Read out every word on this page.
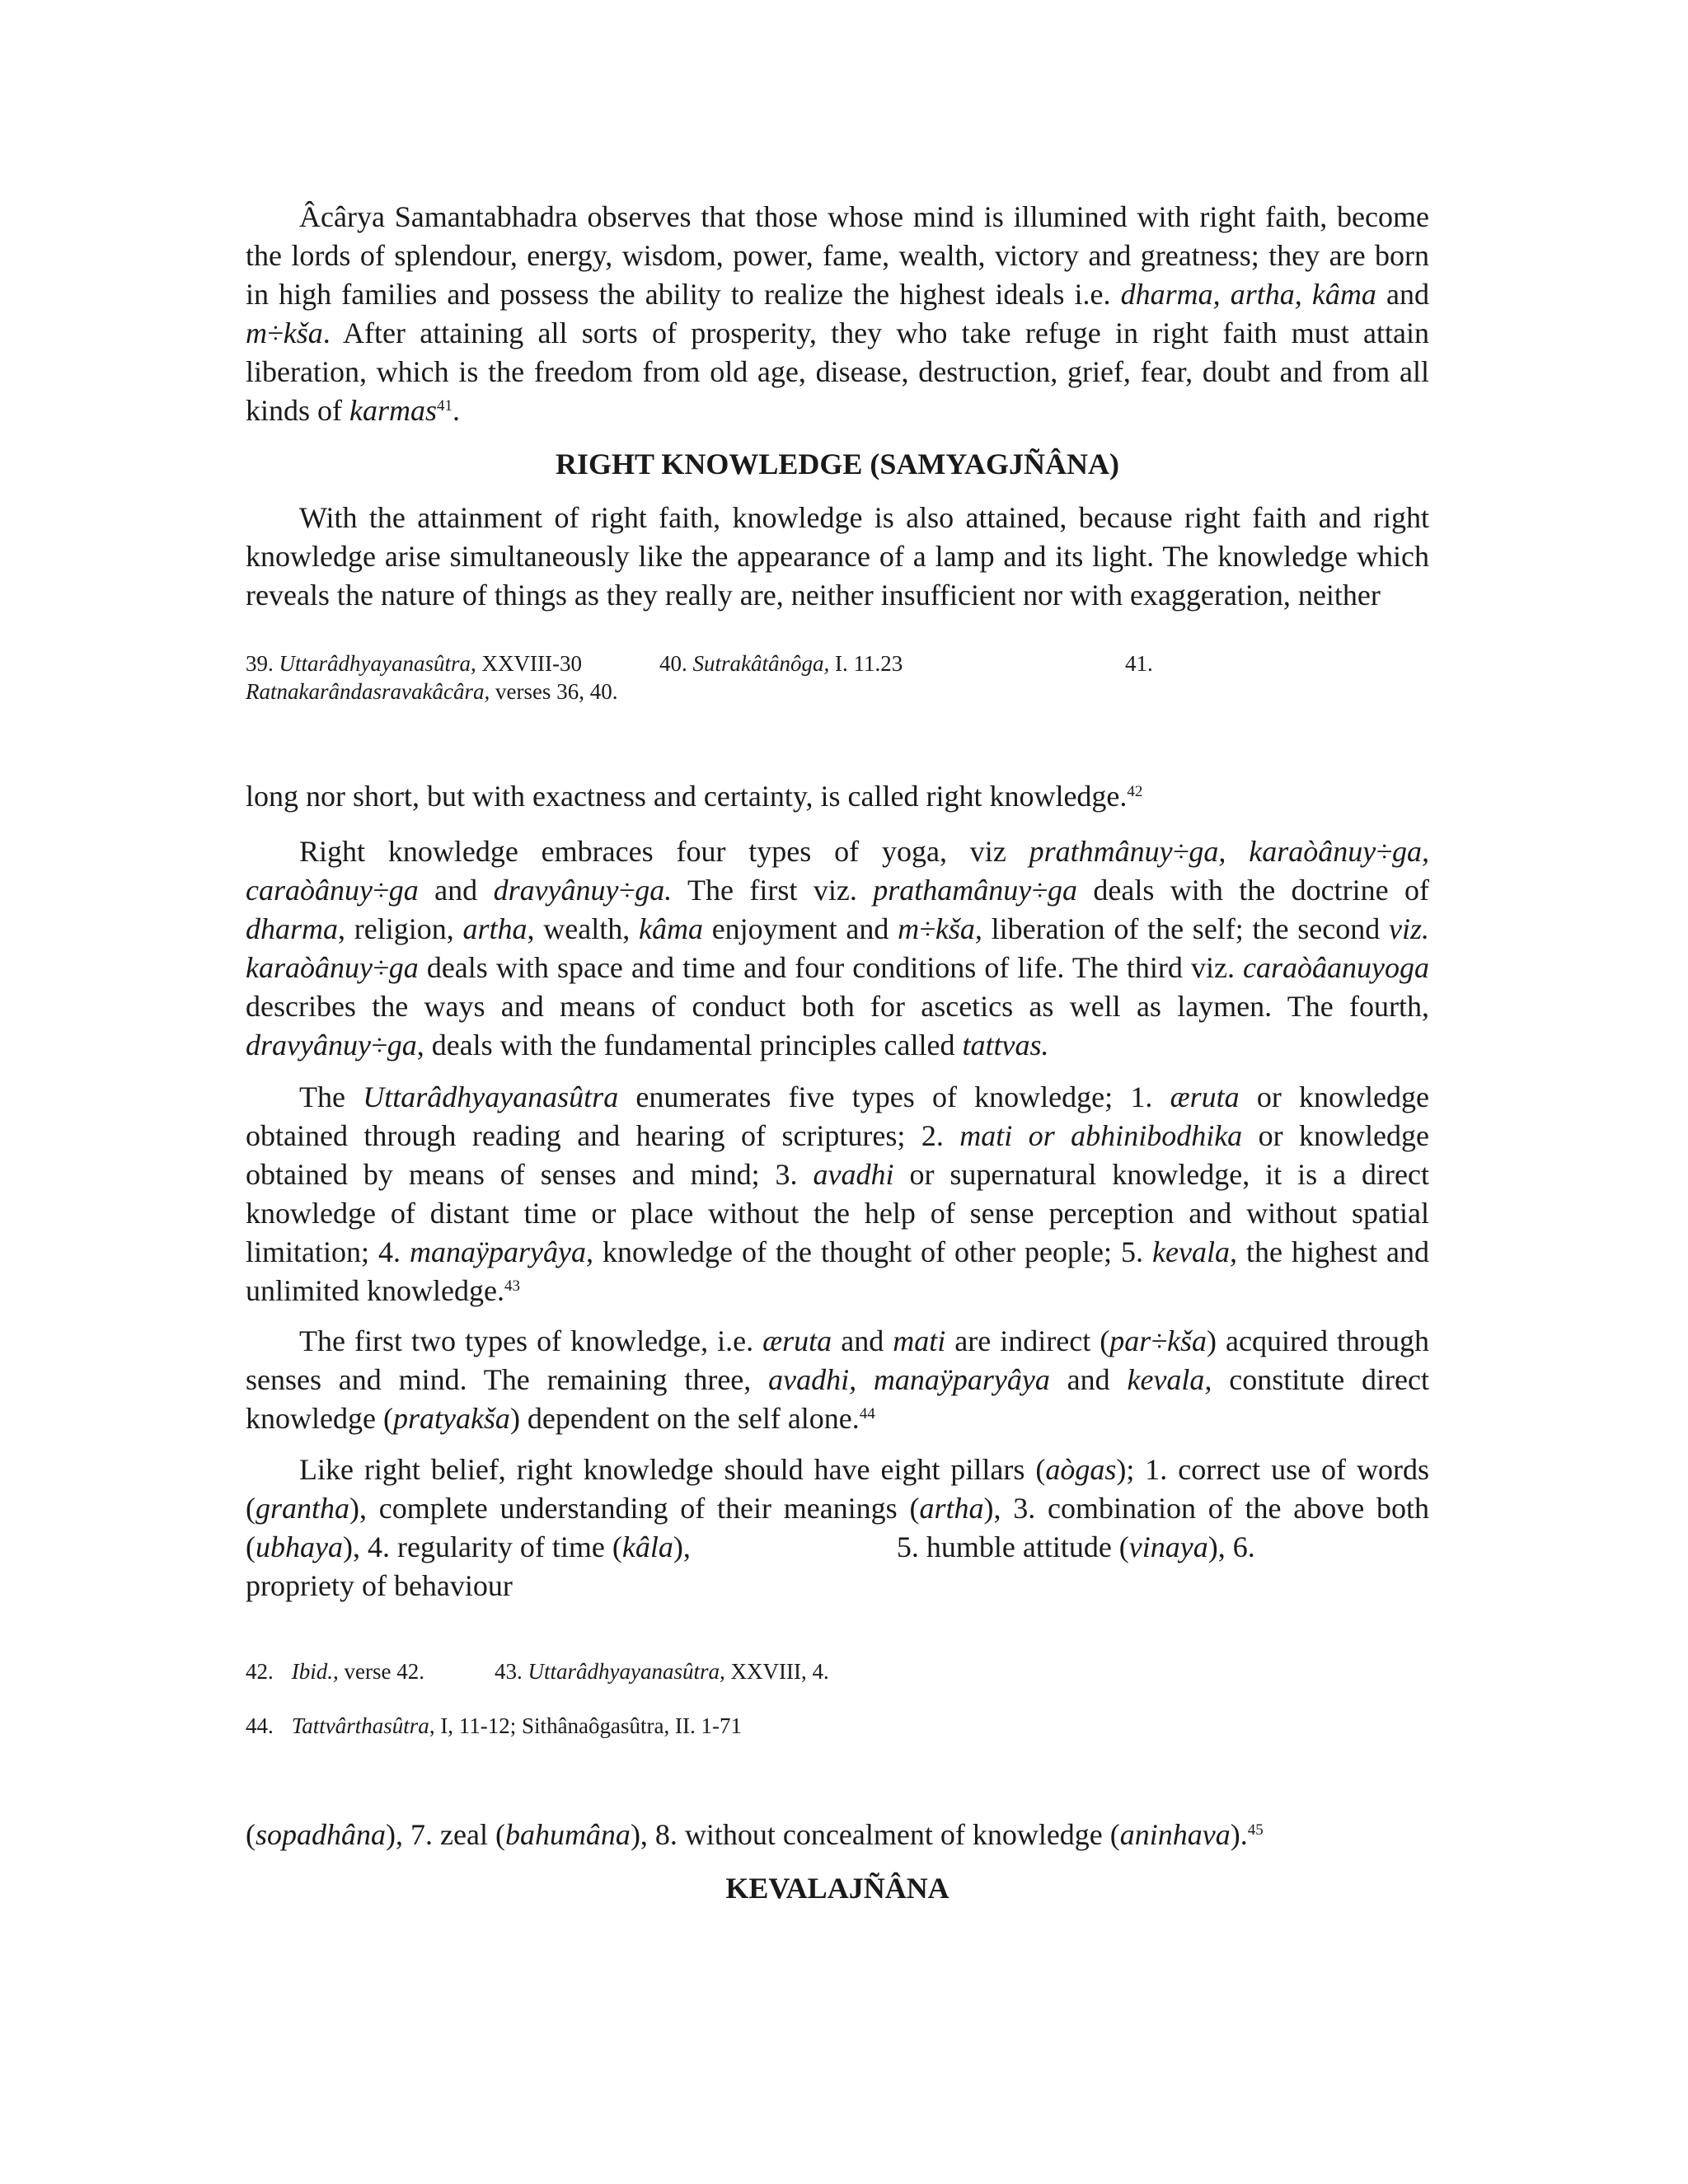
Âcârya Samantabhadra observes that those whose mind is illumined with right faith, become the lords of splendour, energy, wisdom, power, fame, wealth, victory and greatness; they are born in high families and possess the ability to realize the highest ideals i.e. dharma, artha, kâma and m÷kša. After attaining all sorts of prosperity, they who take refuge in right faith must attain liberation, which is the freedom from old age, disease, destruction, grief, fear, doubt and from all kinds of karmas$^{41}$.

RIGHT KNOWLEDGE (SAMYAGJÑÂNA)

With the attainment of right faith, knowledge is also attained, because right faith and right knowledge arise simultaneously like the appearance of a lamp and its light. The knowledge which reveals the nature of things as they really are, neither insufficient nor with exaggeration, neither

39. Uttarâdhyayanasûtra, XXVIII-30	40. Sutrakâtânôga, I. 11.23	41.
Ratnakarândasravakâcâra, verses 36, 40.

long nor short, but with exactness and certainty, is called right knowledge.$^{42}$

Right knowledge embraces four types of yoga, viz prathmânuy÷ga, karaòânuy÷ga, caraòânuy÷ga and dravyânuy÷ga. The first viz. prathamânuy÷ga deals with the doctrine of dharma, religion, artha, wealth, kâma enjoyment and m÷kša, liberation of the self; the second viz. karaòânuy÷ga deals with space and time and four conditions of life. The third viz. caraòâanuyoga describes the ways and means of conduct both for ascetics as well as laymen. The fourth, dravyânuy÷ga, deals with the fundamental principles called tattvas.

The Uttarâdhyayanasûtra enumerates five types of knowledge; 1. æruta or knowledge obtained through reading and hearing of scriptures; 2. mati or abhinibodhika or knowledge obtained by means of senses and mind; 3. avadhi or supernatural knowledge, it is a direct knowledge of distant time or place without the help of sense perception and without spatial limitation; 4. manaÿparyâya, knowledge of the thought of other people; 5. kevala, the highest and unlimited knowledge.$^{43}$

The first two types of knowledge, i.e. æruta and mati are indirect (par÷kša) acquired through senses and mind. The remaining three, avadhi, manaÿparyâya and kevala, constitute direct knowledge (pratyakša) dependent on the self alone.$^{44}$

Like right belief, right knowledge should have eight pillars (aògas); 1. correct use of words (grantha), complete understanding of their meanings (artha), 3. combination of the above both (ubhaya), 4. regularity of time (kâla),	5. humble attitude (vinaya), 6.

propriety of behaviour

42. Ibid., verse 42.	43. Uttarâdhyayanasûtra, XXVIII, 4.
44. Tattvârthasûtra, I, 11-12; Sithânaôgasûtra, II. 1-71

(sopadhâna), 7. zeal (bahumâna), 8. without concealment of knowledge (aninhava).$^{45}$

KEVALAJÑÂNA
